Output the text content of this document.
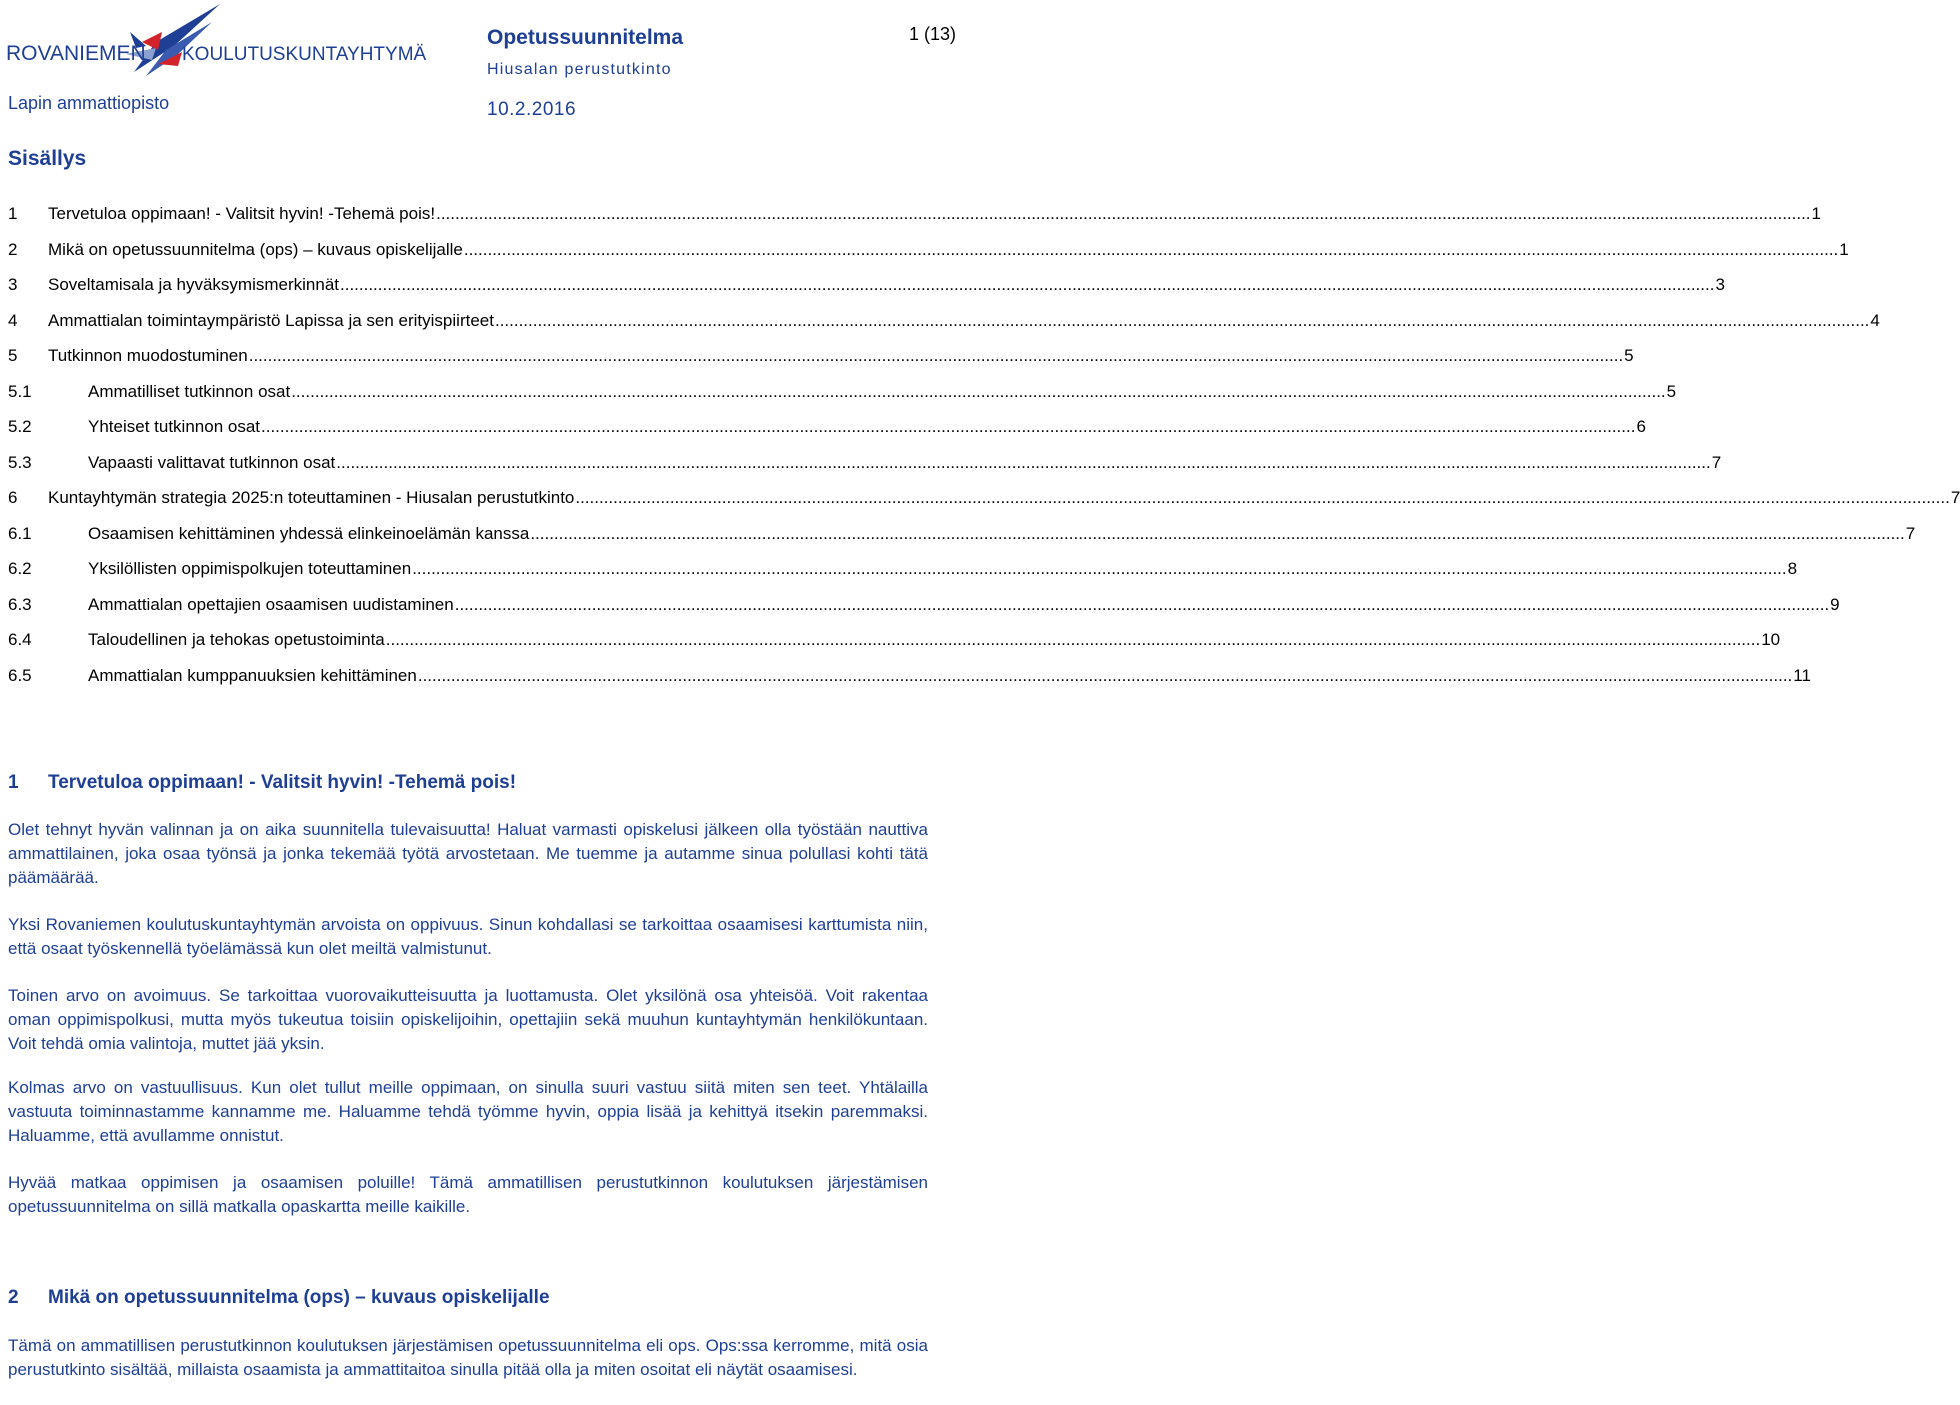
ROVANIEMEN KOULUTUSKUNTAYHTYMÄ
Lapin ammattiopisto
Opetussuunnitelma
Hiusalan perustutkinto
10.2.2016
1 (13)
Sisällys
1	Tervetuloa oppimaan! - Valitsit hyvin! -Tehemä pois! .....	1
2	Mikä on opetussuunnitelma (ops) – kuvaus opiskelijalle .....	1
3	Soveltamisala ja hyväksymismerkinnät .....	3
4	Ammattialan toimintaympäristö Lapissa ja sen erityispiirteet .....	4
5	Tutkinnon muodostuminen .....	5
5.1	Ammatilliset tutkinnon osat .....	5
5.2	Yhteiset tutkinnon osat .....	6
5.3	Vapaasti valittavat tutkinnon osat .....	7
6	Kuntayhtymän strategia 2025:n toteuttaminen - Hiusalan perustutkinto .....	7
6.1	Osaamisen kehittäminen yhdessä elinkeinoelämän kanssa .....	7
6.2	Yksilöllisten oppimispolkujen toteuttaminen .....	8
6.3	Ammattialan opettajien osaamisen uudistaminen .....	9
6.4	Taloudellinen ja tehokas opetustoiminta .....	10
6.5	Ammattialan kumppanuuksien kehittäminen .....	11
1	Tervetuloa oppimaan! - Valitsit hyvin! -Tehemä pois!

Olet tehnyt hyvän valinnan ja on aika suunnitella tulevaisuutta! Haluat varmasti opiskelusi jälkeen olla työstään nauttiva ammattilainen, joka osaa työnsä ja jonka tekemää työtä arvostetaan. Me tuemme ja autamme sinua polullasi kohti tätä päämäärää.

Yksi Rovaniemen koulutuskuntayhtymän arvoista on oppivuus. Sinun kohdallasi se tarkoittaa osaamisesi karttumista niin, että osaat työskennellä työelämässä kun olet meiltä valmistunut.

Toinen arvo on avoimuus. Se tarkoittaa vuorovaikutteisuutta ja luottamusta. Olet yksilönä osa yhteisöä. Voit rakentaa oman oppimispolkusi, mutta myös tukeutua toisiin opiskelijoihin, opettajiin sekä muuhun kuntayhtymän henkilökuntaan. Voit tehdä omia valintoja, muttet jää yksin.

Kolmas arvo on vastuullisuus. Kun olet tullut meille oppimaan, on sinulla suuri vastuu siitä miten sen teet. Yhtälailla vastuuta toiminnastamme kannamme me. Haluamme tehdä työmme hyvin, oppia lisää ja kehittyä itsekin paremmaksi. Haluamme, että avullamme onnistut.

Hyvää matkaa oppimisen ja osaamisen poluille! Tämä ammatillisen perustutkinnon koulutuksen järjestämisen opetussuunnitelma on sillä matkalla opaskartta meille kaikille.

2	Mikä on opetussuunnitelma (ops) – kuvaus opiskelijalle

Tämä on ammatillisen perustutkinnon koulutuksen järjestämisen opetussuunnitelma eli ops. Ops:ssa kerromme, mitä osia perustutkinto sisältää, millaista osaamista ja ammattitaitoa sinulla pitää olla ja miten osoitat eli näytät osaamisesi.
